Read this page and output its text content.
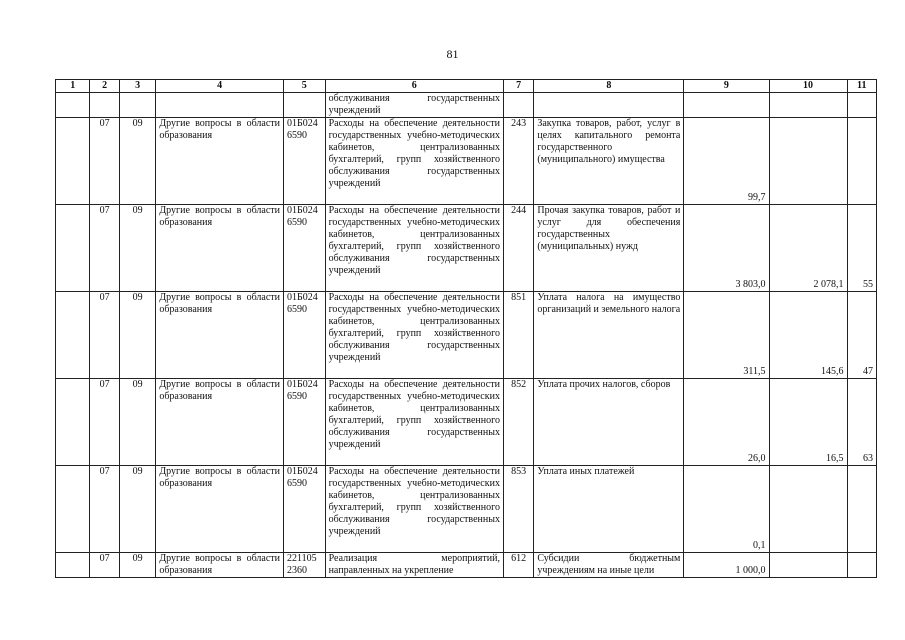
81
1	2	3	4	5	6	7	8	9	10	11
					обслуживания государственных учреждений					
	07	09	Другие вопросы в области образования	01Б024 6590	Расходы на обеспечение деятельности государственных учебно-методических кабинетов, централизованных бухгалтерий, групп хозяйственного обслуживания государственных учреждений	243	Закупка товаров, работ, услуг в целях капитального ремонта государственного (муниципального) имущества	99,7		
	07	09	Другие вопросы в области образования	01Б024 6590	Расходы на обеспечение деятельности государственных учебно-методических кабинетов, централизованных бухгалтерий, групп хозяйственного обслуживания государственных учреждений	244	Прочая закупка товаров, работ и услуг для обеспечения государственных (муниципальных) нужд	3 803,0	2 078,1	55
	07	09	Другие вопросы в области образования	01Б024 6590	Расходы на обеспечение деятельности государственных учебно-методических кабинетов, централизованных бухгалтерий, групп хозяйственного обслуживания государственных учреждений	851	Уплата налога на имущество организаций и земельного налога	311,5	145,6	47
	07	09	Другие вопросы в области образования	01Б024 6590	Расходы на обеспечение деятельности государственных учебно-методических кабинетов, централизованных бухгалтерий, групп хозяйственного обслуживания государственных учреждений	852	Уплата прочих налогов, сборов	26,0	16,5	63
	07	09	Другие вопросы в области образования	01Б024 6590	Расходы на обеспечение деятельности государственных учебно-методических кабинетов, централизованных бухгалтерий, групп хозяйственного обслуживания государственных учреждений	853	Уплата иных платежей	0,1		
	07	09	Другие вопросы в области образования	221105 2360	Реализация мероприятий, направленных на укрепление	612	Субсидии бюджетным учреждениям на иные цели	1 000,0		
